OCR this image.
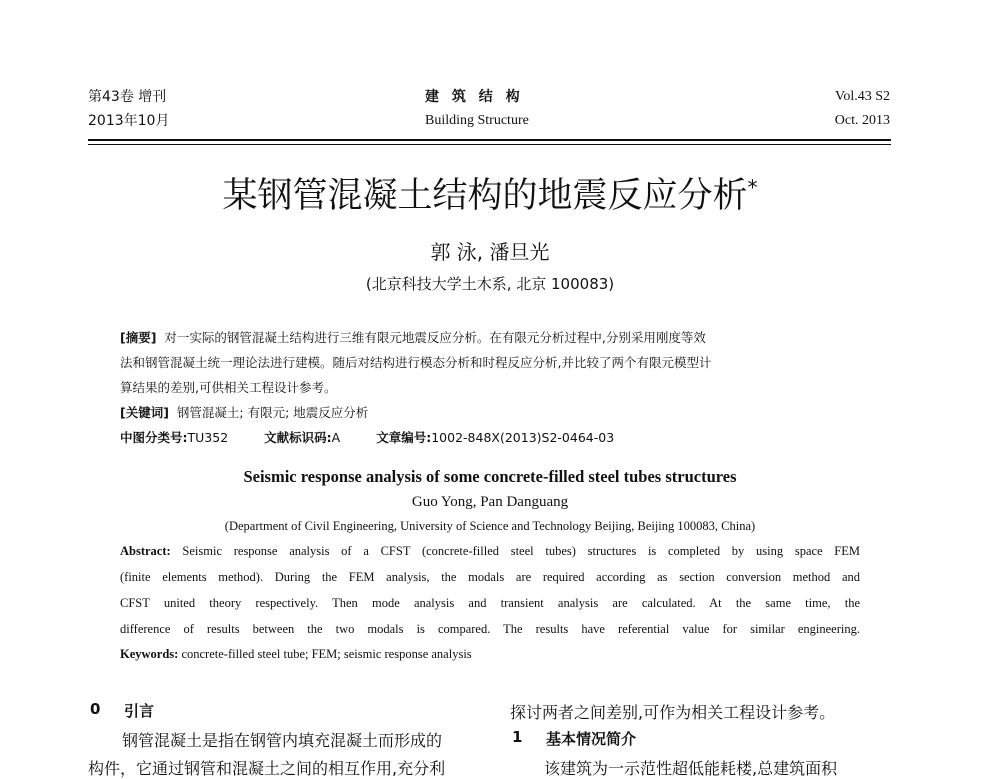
第43卷 增刊
2013年10月
建 筑 结 构
Building Structure
Vol.43 S2
Oct. 2013
某钢管混凝土结构的地震反应分析*
郭 泳, 潘旦光
(北京科技大学土木系, 北京 100083)
[摘要] 对一实际的钢管混凝土结构进行三维有限元地震反应分析。在有限元分析过程中,分别采用刚度等效
法和钢管混凝土统一理论法进行建模。随后对结构进行模态分析和时程反应分析,并比较了两个有限元模型计
算结果的差别,可供相关工程设计参考。
[关键词] 钢管混凝土; 有限元; 地震反应分析
中图分类号:TU352	文献标识码:A	文章编号:1002-848X(2013)S2-0464-03
Seismic response analysis of some concrete-filled steel tubes structures
Guo Yong, Pan Danguang
(Department of Civil Engineering, University of Science and Technology Beijing, Beijing 100083, China)
Abstract: Seismic response analysis of a CFST (concrete-filled steel tubes) structures is completed by using space FEM
(finite elements method). During the FEM analysis, the modals are required according as section conversion method and
CFST united theory respectively. Then mode analysis and transient analysis are calculated. At the same time, the
difference of results between the two modals is compared. The results have referential value for similar engineering.
Keywords: concrete-filled steel tube; FEM; seismic response analysis
0 引言
钢管混凝土是指在钢管内填充混凝土而形成的
构件，它通过钢管和混凝土之间的相互作用,充分利
探讨两者之间差别,可作为相关工程设计参考。
1 基本情况简介
该建筑为一示范性超低能耗楼,总建筑面积
